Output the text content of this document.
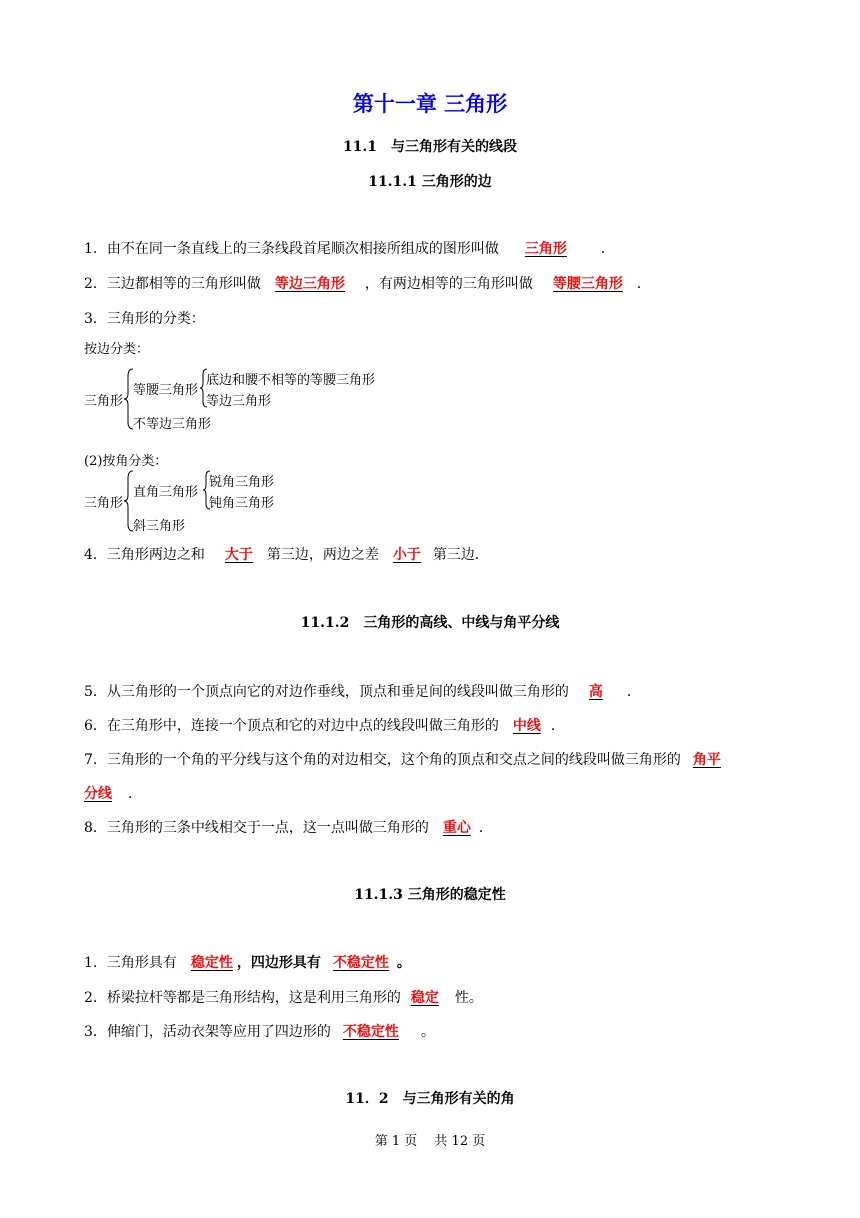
第十一章 三角形
11.1　与三角形有关的线段
11.1.1 三角形的边
1．由不在同一条直线上的三条线段首尾顺次相接所组成的图形叫做 三角形 ．
2．三边都相等的三角形叫做 等边三角形 ，有两边相等的三角形叫做 等腰三角形 ．
3．三角形的分类：
按边分类：
三角形
等腰三角形
底边和腰不相等的等腰三角形
等边三角形
不等边三角形
(2)按角分类：
三角形
直角三角形
锐角三角形
钝角三角形
斜三角形
4．三角形两边之和 大于 第三边，两边之差 小于 第三边．
11.1.2　三角形的高线、中线与角平分线
5．从三角形的一个顶点向它的对边作垂线，顶点和垂足间的线段叫做三角形的 高 ．
6．在三角形中，连接一个顶点和它的对边中点的线段叫做三角形的 中线 ．
7．三角形的一个角的平分线与这个角的对边相交，这个角的顶点和交点之间的线段叫做三角形的 角平
分线 ．
8．三角形的三条中线相交于一点，这一点叫做三角形的 重心 ．
11.1.3 三角形的稳定性
1．三角形具有 稳定性 ，四边形具有 不稳定性 。
2．桥梁拉杆等都是三角形结构，这是利用三角形的 稳定 性。
3．伸缩门，活动衣架等应用了四边形的 不稳定性 。
11．2　与三角形有关的角
第 1 页　 共 12 页
